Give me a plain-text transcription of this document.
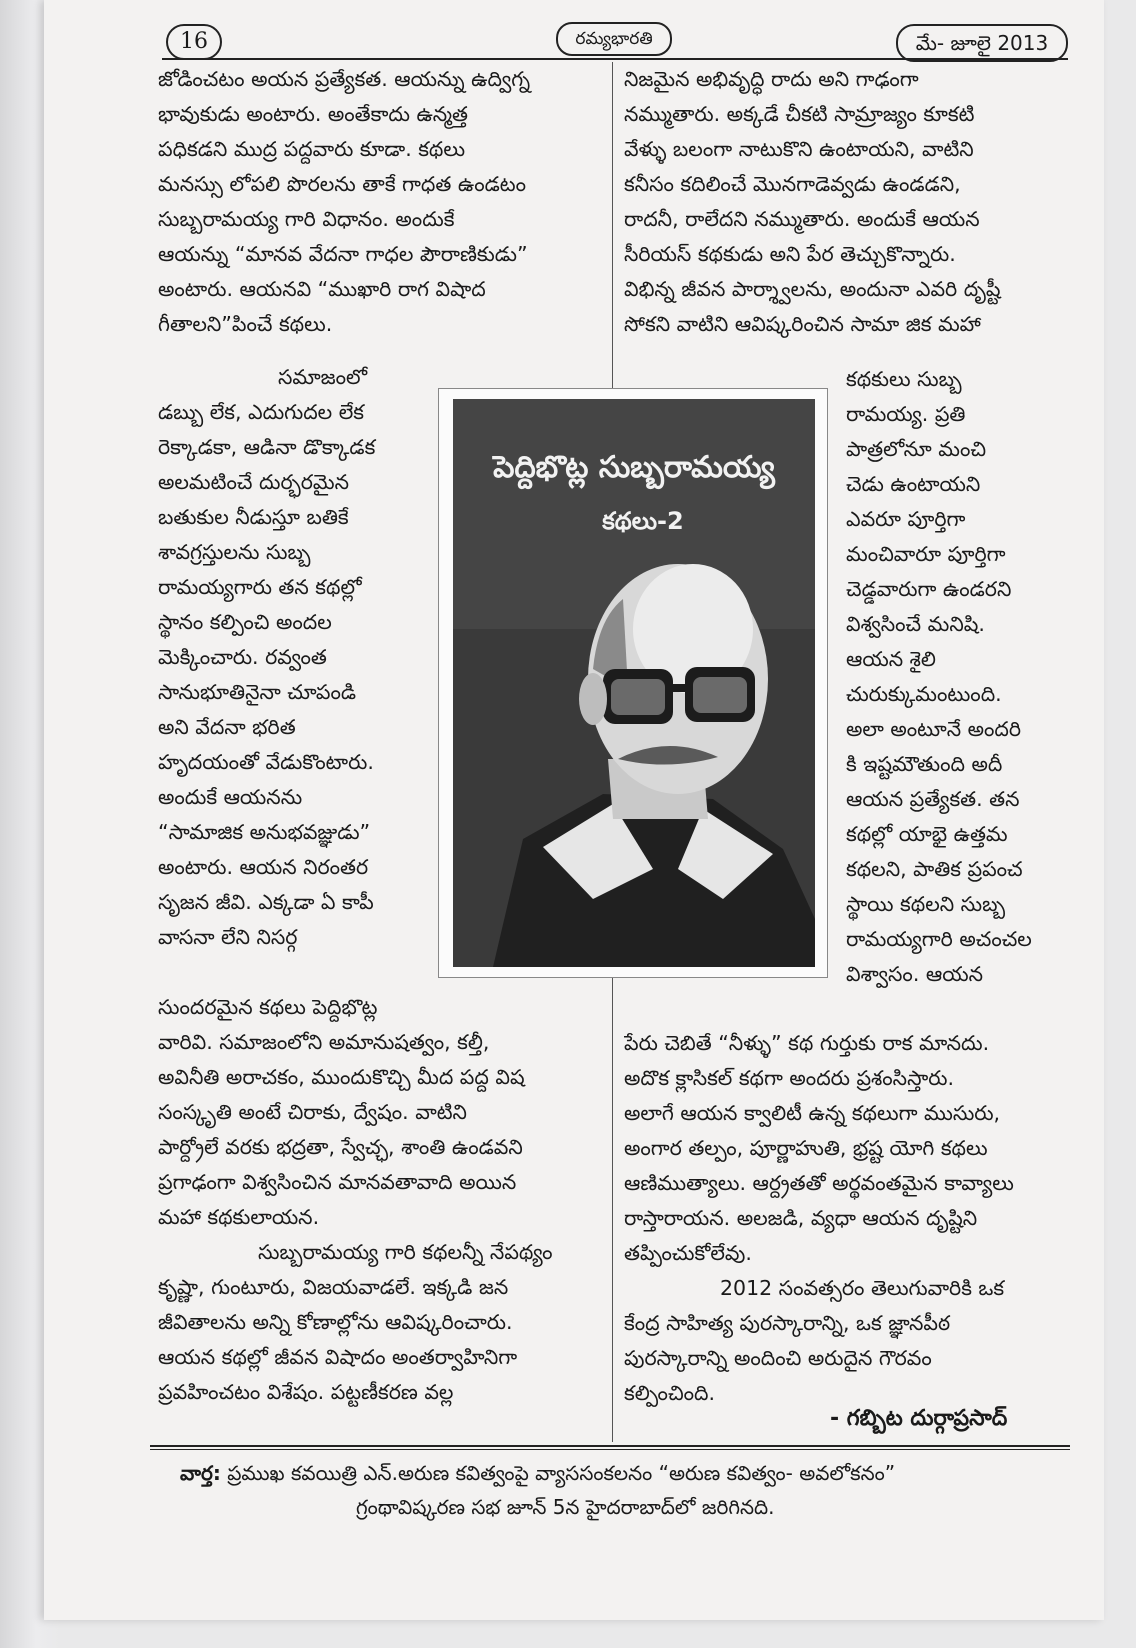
16	రమ్యభారతి	మే- జూలై 2013
జోడించటం అయన ప్రత్యేకత. ఆయన్ను ఉద్విగ్న
భావుకుడు అంటారు. అంతేకాదు ఉన్మత్త
పధికడని ముద్ర పద్దవారు కూడా. కథలు
మనస్సు లోపలి పొరలను తాకే గాధత ఉండటం
సుబ్బరామయ్య గారి విధానం. అందుకే
ఆయన్ను “మానవ వేదనా గాధల పౌరాణికుడు”
అంటారు. ఆయనవి “ముఖారి రాగ విషాద
గీతాలని”పించే కథలు.
సమాజంలో
డబ్బు లేక, ఎదుగుదల లేక
రెక్కాడకా, ఆడినా డొక్కాడక
అలమటించే దుర్భరమైన
బతుకుల నీడుస్తూ బతికే
శావగ్రస్తులను సుబ్బ
రామయ్యగారు తన కథల్లో
స్థానం కల్పించి అందల
మెక్కించారు. రవ్వంత
సానుభూతినైనా చూపండి
అని వేదనా భరిత
హృదయంతో వేడుకొంటారు.
అందుకే ఆయనను
“సామాజిక అనుభవజ్ఞుడు”
అంటారు. ఆయన నిరంతర
సృజన జీవి. ఎక్కడా ఏ కాపీ
వాసనా లేని నిసర్గ
సుందరమైన కథలు పెద్దిభొట్ల
వారివి. సమాజంలోని అమానుషత్వం, కల్తీ,
అవినీతి అరాచకం, ముందుకొచ్చి మీద పద్ద విష
సంస్కృతి అంటే చిరాకు, ద్వేషం. వాటిని
పార్ద్రోలే వరకు భద్రతా, స్వేచ్ఛ, శాంతి ఉండవని
ప్రగాఢంగా విశ్వసించిన మానవతావాది అయిన
మహా కథకులాయన.
సుబ్బరామయ్య గారి కథలన్నీ నేపథ్యం
కృష్ణా, గుంటూరు, విజయవాడలే. ఇక్కడి జన
జీవితాలను అన్ని కోణాల్లోను ఆవిష్కరించారు.
ఆయన కథల్లో జీవన విషాదం అంతర్వాహినిగా
ప్రవహించటం విశేషం. పట్టణీకరణ వల్ల
నిజమైన అభివృద్ధి రాదు అని గాఢంగా
నమ్ముతారు. అక్కడే చీకటి సామ్రాజ్యం కూకటి
వేళ్ళు బలంగా నాటుకొని ఉంటాయని, వాటిని
కనీసం కదిలించే మొనగాడెవ్వడు ఉండడని,
రాదనీ, రాలేదని నమ్ముతారు. అందుకే ఆయన
సీరియస్ కథకుడు అని పేర తెచ్చుకొన్నారు.
విభిన్న జీవన పార్శ్వాలను, అందునా ఎవరి దృష్టీ
సోకని వాటిని ఆవిష్కరించిన సామా జిక మహా
కథకులు సుబ్బ
రామయ్య. ప్రతి
పాత్రలోనూ మంచి
చెడు ఉంటాయని
ఎవరూ పూర్తిగా
మంచివారూ పూర్తిగా
చెడ్డవారుగా ఉండరని
విశ్వసించే మనిషి.
ఆయన శైలి
చురుక్కుమంటుంది.
అలా అంటూనే అందరి
కి ఇష్టమౌతుంది అదీ
ఆయన ప్రత్యేకత. తన
కథల్లో యాభై ఉత్తమ
కథలని, పాతిక ప్రపంచ
స్థాయి కథలని సుబ్బ
రామయ్యగారి అచంచల
విశ్వాసం. ఆయన
పేరు చెబితే “నీళ్ళు” కథ గుర్తుకు రాక మానదు.
అదొక క్లాసికల్ కథగా అందరు ప్రశంసిస్తారు.
అలాగే ఆయన క్వాలిటీ ఉన్న కథలుగా ముసురు,
అంగార తల్పం, పూర్ణాహుతి, భ్రష్ట యోగి కథలు
ఆణిముత్యాలు. ఆర్ద్రతతో అర్థవంతమైన కావ్యాలు
రాస్తారాయన. అలజడి, వ్యధా ఆయన దృష్టిని
తప్పించుకోలేవు.
2012 సంవత్సరం తెలుగువారికి ఒక
కేంద్ర సాహిత్య పురస్కారాన్ని, ఒక జ్ఞానపీఠ
పురస్కారాన్ని అందించి అరుదైన గౌరవం
కల్పించింది.
- గబ్బిట దుర్గాప్రసాద్
పెద్దిభొట్ల సుబ్బరామయ్య
కథలు-2
వార్త: ప్రముఖ కవయిత్రి ఎన్.అరుణ కవిత్వంపై వ్యాససంకలనం “అరుణ కవిత్వం- అవలోకనం”
గ్రంథావిష్కరణ సభ జూన్ 5న హైదరాబాద్‌లో జరిగినది.
